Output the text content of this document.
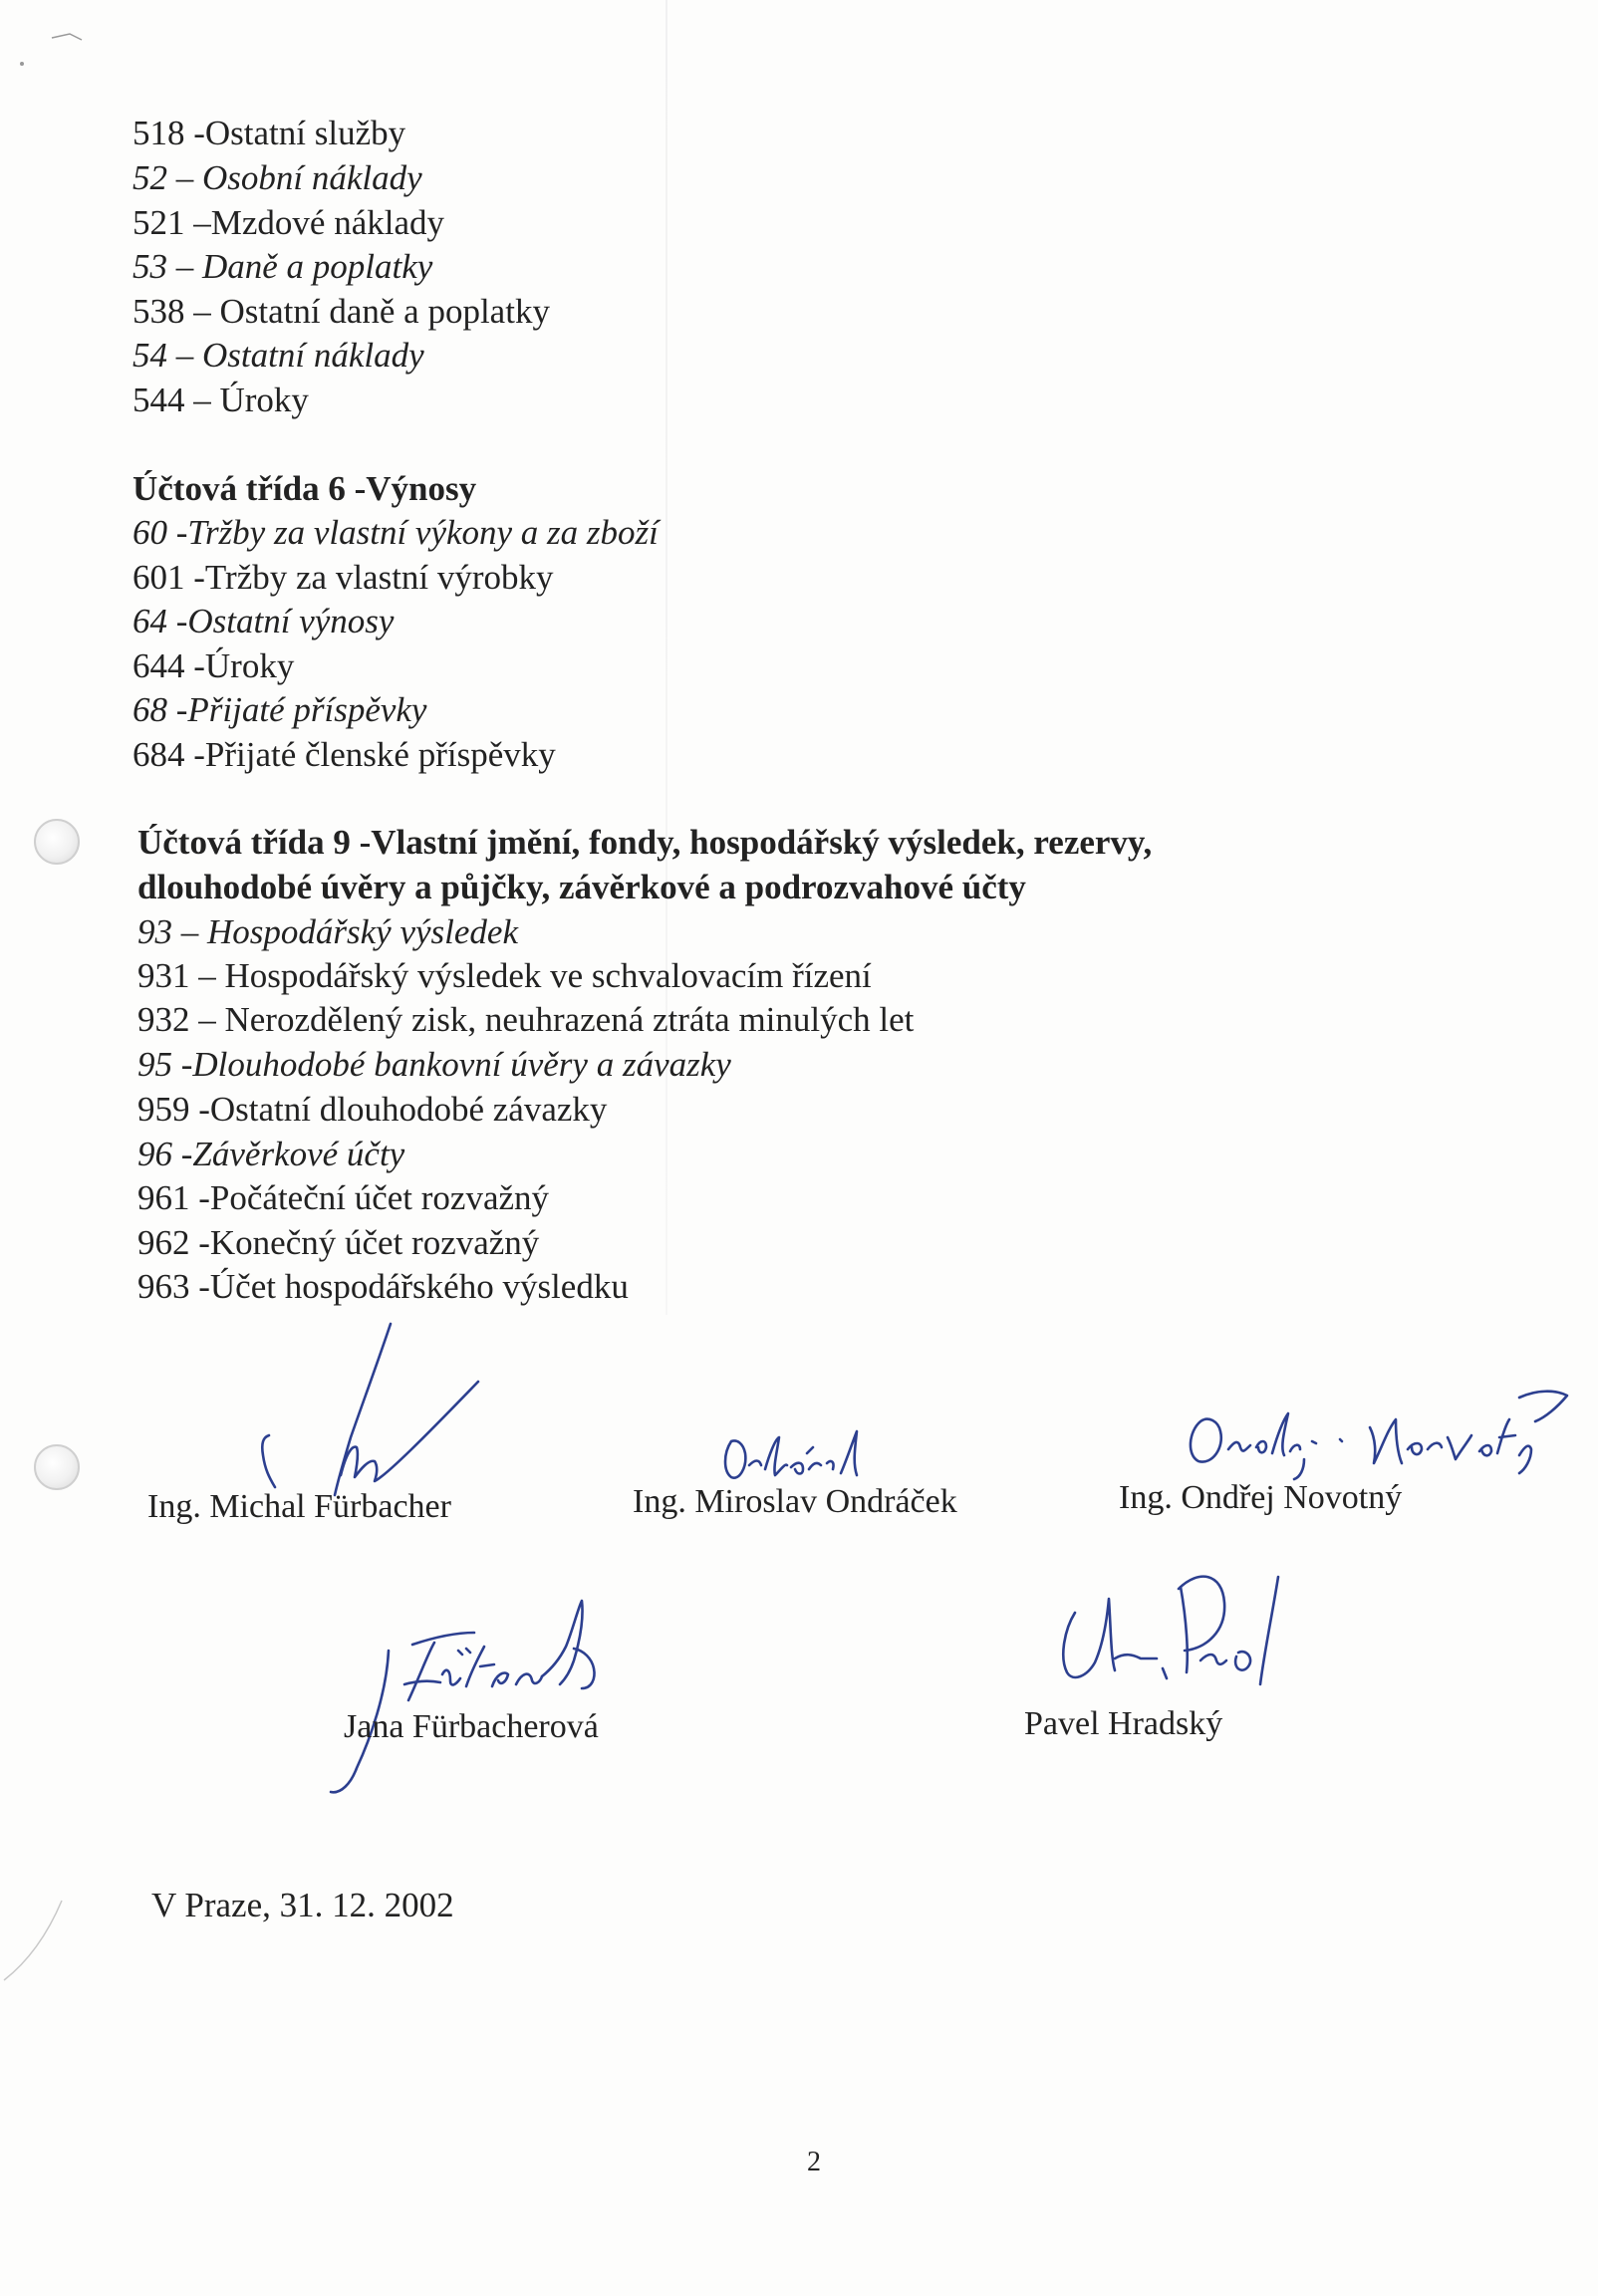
518 -Ostatní služby
52 – Osobní náklady
521 –Mzdové náklady
53 – Daně a poplatky
538 – Ostatní daně a poplatky
54 – Ostatní náklady
544 – Úroky
Účtová třída 6 -Výnosy
60 -Tržby za vlastní výkony a za zboží
601 -Tržby za vlastní výrobky
64 -Ostatní výnosy
644 -Úroky
68 -Přijaté příspěvky
684 -Přijaté členské příspěvky
Účtová třída 9 -Vlastní jmění, fondy, hospodářský výsledek, rezervy,
dlouhodobé úvěry a půjčky, závěrkové a podrozvahové účty
93 – Hospodářský výsledek
931 – Hospodářský výsledek ve schvalovacím řízení
932 – Nerozdělený zisk, neuhrazená ztráta minulých let
95 -Dlouhodobé bankovní úvěry a závazky
959 -Ostatní dlouhodobé závazky
96 -Závěrkové účty
961 -Počáteční účet rozvažný
962 -Konečný účet rozvažný
963 -Účet hospodářského výsledku
Ing. Michal Fürbacher	Ing. Miroslav Ondráček	Ing. Ondřej Novotný
Jana Fürbacherová	Pavel Hradský
V Praze, 31. 12. 2002
2
